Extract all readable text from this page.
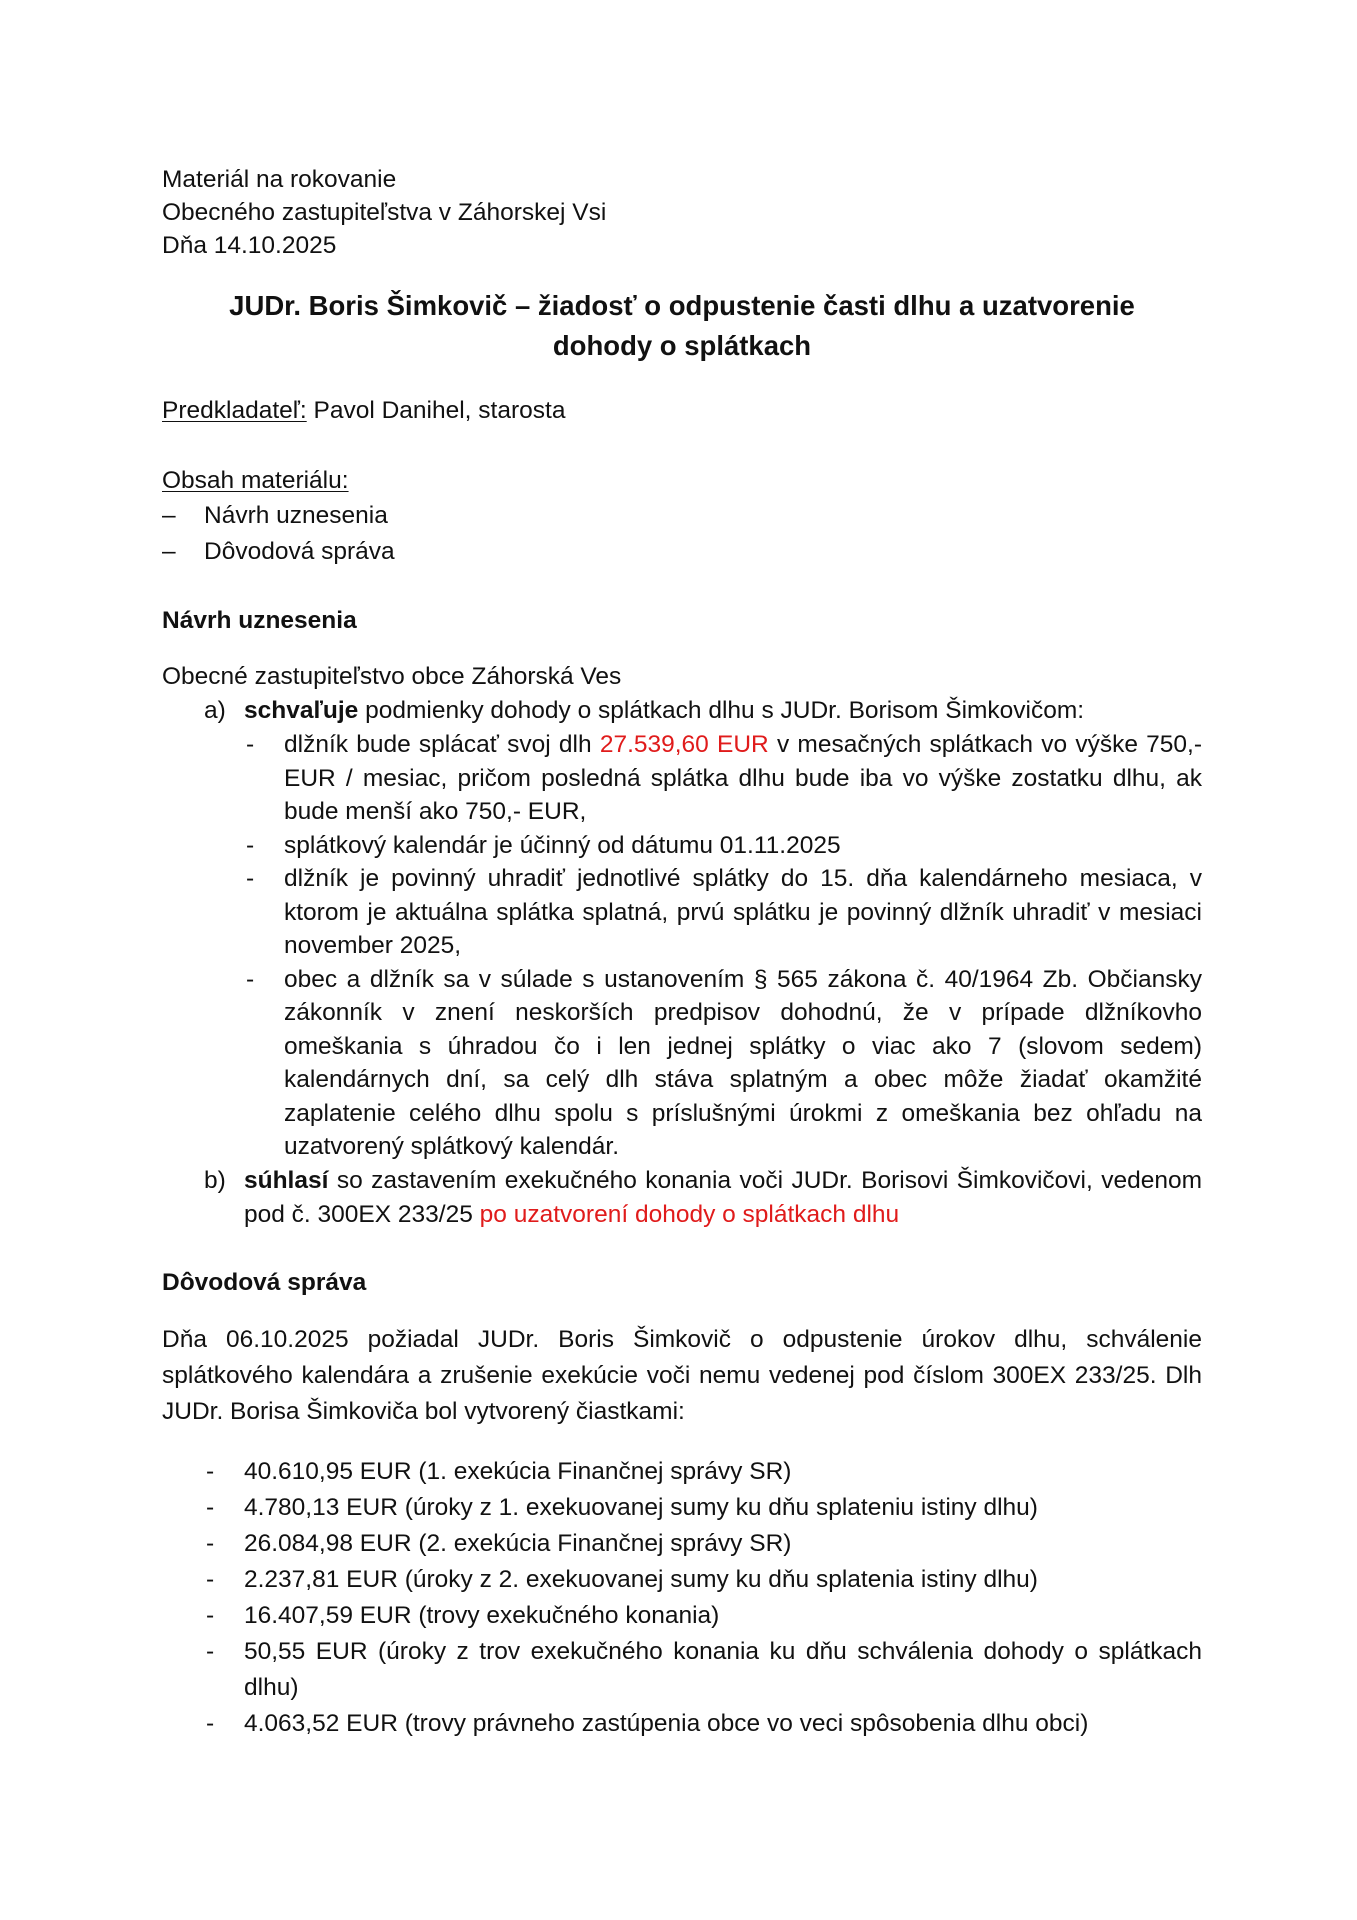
Materiál na rokovanie
Obecného zastupiteľstva v Záhorskej Vsi
Dňa 14.10.2025
JUDr. Boris Šimkovič – žiadosť o odpustenie časti dlhu a uzatvorenie
dohody o splátkach
Predkladateľ: Pavol Danihel, starosta
Obsah materiálu:
– Návrh uznesenia
– Dôvodová správa
Návrh uznesenia
Obecné zastupiteľstvo obce Záhorská Ves
a) schvaľuje podmienky dohody o splátkach dlhu s JUDr. Borisom Šimkovičom:
- dlžník bude splácať svoj dlh 27.539,60 EUR v mesačných splátkach vo výške 750,- EUR / mesiac, pričom posledná splátka dlhu bude iba vo výške zostatku dlhu, ak bude menší ako 750,- EUR,
- splátkový kalendár je účinný od dátumu 01.11.2025
- dlžník je povinný uhradiť jednotlivé splátky do 15. dňa kalendárneho mesiaca, v ktorom je aktuálna splátka splatná, prvú splátku je povinný dlžník uhradiť v mesiaci november 2025,
- obec a dlžník sa v súlade s ustanovením § 565 zákona č. 40/1964 Zb. Občiansky zákonník v znení neskorších predpisov dohodnú, že v prípade dlžníkovho omeškania s úhradou čo i len jednej splátky o viac ako 7 (slovom sedem) kalendárnych dní, sa celý dlh stáva splatným a obec môže žiadať okamžité zaplatenie celého dlhu spolu s príslušnými úrokmi z omeškania bez ohľadu na uzatvorený splátkový kalendár.
b) súhlasí so zastavením exekučného konania voči JUDr. Borisovi Šimkovičovi, vedenom pod č. 300EX 233/25 po uzatvorení dohody o splátkach dlhu
Dôvodová správa
Dňa 06.10.2025 požiadal JUDr. Boris Šimkovič o odpustenie úrokov dlhu, schválenie splátkového kalendára a zrušenie exekúcie voči nemu vedenej pod číslom 300EX 233/25. Dlh JUDr. Borisa Šimkoviča bol vytvorený čiastkami:
- 40.610,95 EUR (1. exekúcia Finančnej správy SR)
- 4.780,13 EUR (úroky z 1. exekuovanej sumy ku dňu splateniu istiny dlhu)
- 26.084,98 EUR (2. exekúcia Finančnej správy SR)
- 2.237,81 EUR (úroky z 2. exekuovanej sumy ku dňu splatenia istiny dlhu)
- 16.407,59 EUR (trovy exekučného konania)
- 50,55 EUR (úroky z trov exekučného konania ku dňu schválenia dohody o splátkach dlhu)
- 4.063,52 EUR (trovy právneho zastúpenia obce vo veci spôsobenia dlhu obci)
